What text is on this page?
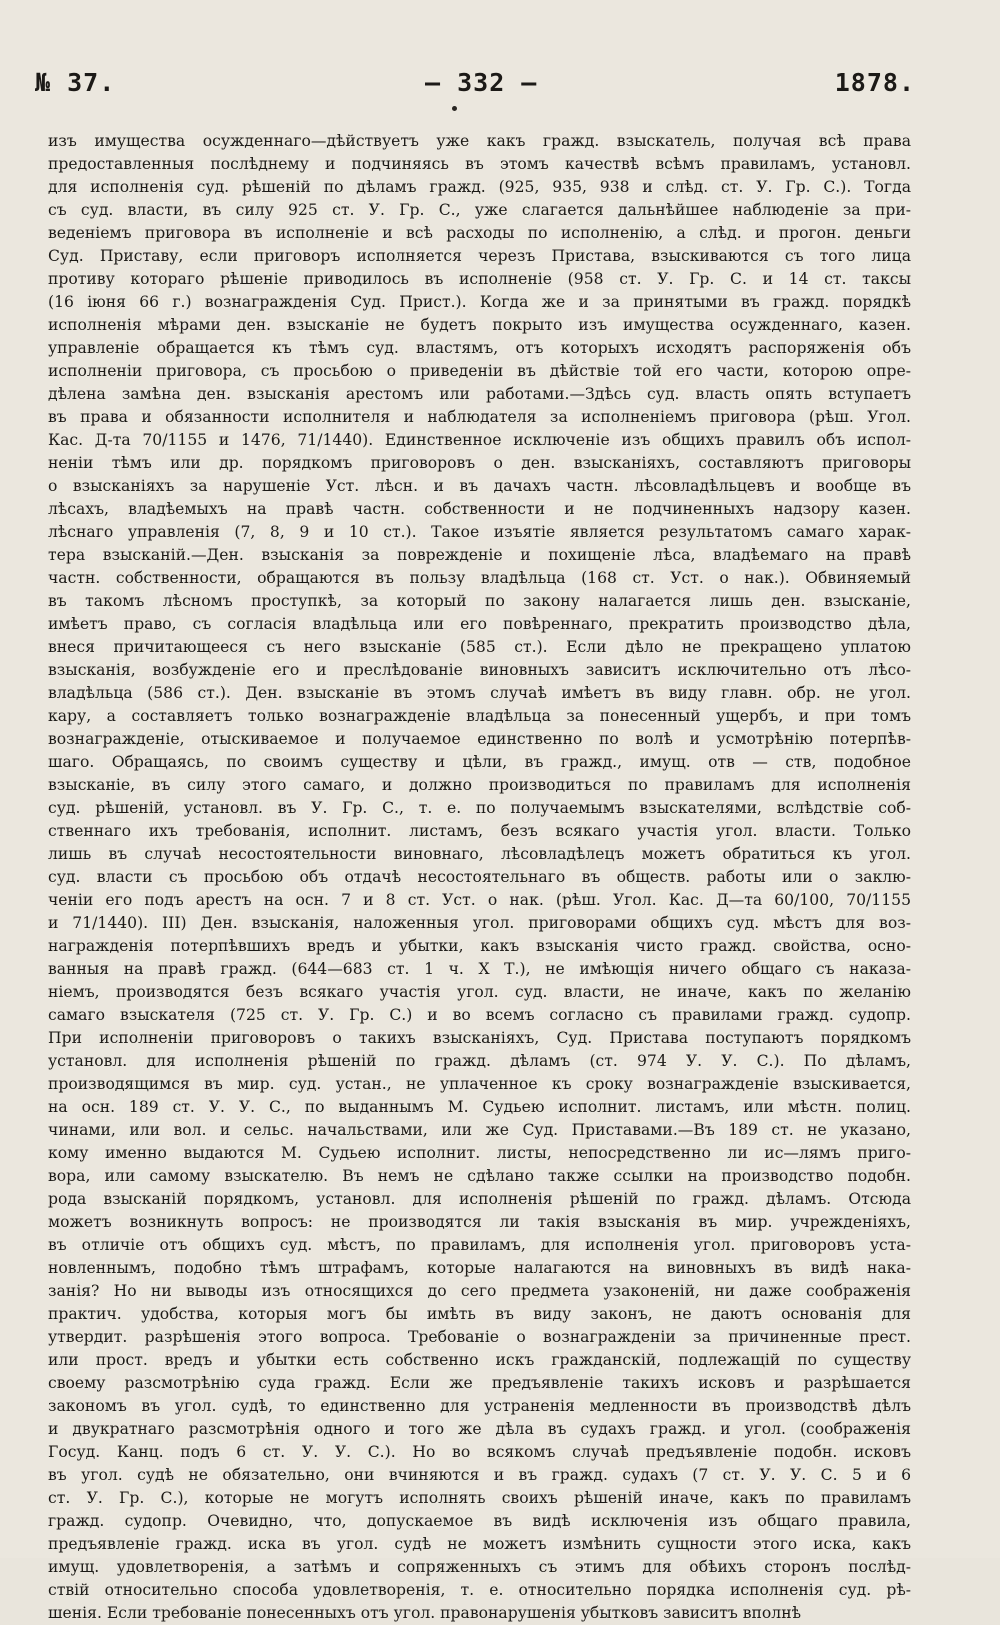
№ 37.	— 332 —	1878.
изъ имущества осужденнаго—дѣйствуетъ уже какъ гражд. взыскатель, получая всѣ права
предоставленныя послѣднему и подчиняясь въ этомъ качествѣ всѣмъ правиламъ, установл.
для исполненія суд. рѣшеній по дѣламъ гражд. (925, 935, 938 и слѣд. ст. У. Гр. С.). Тогда
съ суд. власти, въ силу 925 ст. У. Гр. С., уже слагается дальнѣйшее наблюденіе за при-
веденіемъ приговора въ исполненіе и всѣ расходы по исполненію, а слѣд. и прогон. деньги
Суд. Приставу, если приговоръ исполняется черезъ Пристава, взыскиваются съ того лица
противу котораго рѣшеніе приводилось въ исполненіе (958 ст. У. Гр. С. и 14 ст. таксы
(16 іюня 66 г.) вознагражденія Суд. Прист.). Когда же и за принятыми въ гражд. порядкѣ
исполненія мѣрами ден. взысканіе не будетъ покрыто изъ имущества осужденнаго, казен.
управленіе обращается къ тѣмъ суд. властямъ, отъ которыхъ исходятъ распоряженія объ
исполненіи приговора, съ просьбою о приведеніи въ дѣйствіе той его части, которою опре-
дѣлена замѣна ден. взысканія арестомъ или работами.—Здѣсь суд. власть опять вступаетъ
въ права и обязанности исполнителя и наблюдателя за исполненіемъ приговора (рѣш. Угол.
Кас. Д-та 70/1155 и 1476, 71/1440). Единственное исключеніе изъ общихъ правилъ объ испол-
неніи тѣмъ или др. порядкомъ приговоровъ о ден. взысканіяхъ, составляютъ приговоры
о взысканіяхъ за нарушеніе Уст. лѣсн. и въ дачахъ частн. лѣсовладѣльцевъ и вообще въ
лѣсахъ, владѣемыхъ на правѣ частн. собственности и не подчиненныхъ надзору казен.
лѣснаго управленія (7, 8, 9 и 10 ст.). Такое изъятіе является результатомъ самаго харак-
тера взысканій.—Ден. взысканія за поврежденіе и похищеніе лѣса, владѣемаго на правѣ
частн. собственности, обращаются въ пользу владѣльца (168 ст. Уст. о нак.). Обвиняемый
въ такомъ лѣсномъ проступкѣ, за который по закону налагается лишь ден. взысканіе,
имѣетъ право, съ согласія владѣльца или его повѣреннаго, прекратить производство дѣла,
внеся причитающееся съ него взысканіе (585 ст.). Если дѣло не прекращено уплатою
взысканія, возбужденіе его и преслѣдованіе виновныхъ зависитъ исключительно отъ лѣсо-
владѣльца (586 ст.). Ден. взысканіе въ этомъ случаѣ имѣетъ въ виду главн. обр. не угол.
кару, а составляетъ только вознагражденіе владѣльца за понесенный ущербъ, и при томъ
вознагражденіе, отыскиваемое и получаемое единственно по волѣ и усмотрѣнію потерпѣв-
шаго. Обращаясь, по своимъ существу и цѣли, въ гражд., имущ. отв — ств, подобное
взысканіе, въ силу этого самаго, и должно производиться по правиламъ для исполненія
суд. рѣшеній, установл. въ У. Гр. С., т. е. по получаемымъ взыскателями, вслѣдствіе соб-
ственнаго ихъ требованія, исполнит. листамъ, безъ всякаго участія угол. власти. Только
лишь въ случаѣ несостоятельности виновнаго, лѣсовладѣлецъ можетъ обратиться къ угол.
суд. власти съ просьбою объ отдачѣ несостоятельнаго въ обществ. работы или о заклю-
ченіи его подъ арестъ на осн. 7 и 8 ст. Уст. о нак. (рѣш. Угол. Кас. Д—та 60/100, 70/1155
и 71/1440). III) Ден. взысканія, наложенныя угол. приговорами общихъ суд. мѣстъ для воз-
награжденія потерпѣвшихъ вредъ и убытки, какъ взысканія чисто гражд. свойства, осно-
ванныя на правѣ гражд. (644—683 ст. 1 ч. X Т.), не имѣющія ничего общаго съ наказа-
ніемъ, производятся безъ всякаго участія угол. суд. власти, не иначе, какъ по желанію
самаго взыскателя (725 ст. У. Гр. С.) и во всемъ согласно съ правилами гражд. судопр.
При исполненіи приговоровъ о такихъ взысканіяхъ, Суд. Пристава поступаютъ порядкомъ
установл. для исполненія рѣшеній по гражд. дѣламъ (ст. 974 У. У. С.). По дѣламъ,
производящимся въ мир. суд. устан., не уплаченное къ сроку вознагражденіе взыскивается,
на осн. 189 ст. У. У. С., по выданнымъ М. Судьею исполнит. листамъ, или мѣстн. полиц.
чинами, или вол. и сельс. начальствами, или же Суд. Приставами.—Въ 189 ст. не указано,
кому именно выдаются М. Судьею исполнит. листы, непосредственно ли ис—лямъ приго-
вора, или самому взыскателю. Въ немъ не сдѣлано также ссылки на производство подобн.
рода взысканій порядкомъ, установл. для исполненія рѣшеній по гражд. дѣламъ. Отсюда
можетъ возникнуть вопросъ: не производятся ли такія взысканія въ мир. учрежденіяхъ,
въ отличіе отъ общихъ суд. мѣстъ, по правиламъ, для исполненія угол. приговоровъ уста-
новленнымъ, подобно тѣмъ штрафамъ, которые налагаются на виновныхъ въ видѣ нака-
занія? Но ни выводы изъ относящихся до сего предмета узаконеній, ни даже соображенія
практич. удобства, которыя могъ бы имѣть въ виду законъ, не даютъ основанія для
утвердит. разрѣшенія этого вопроса. Требованіе о вознагражденіи за причиненные прест.
или прост. вредъ и убытки есть собственно искъ гражданскій, подлежащій по существу
своему разсмотрѣнію суда гражд. Если же предъявленіе такихъ исковъ и разрѣшается
закономъ въ угол. судѣ, то единственно для устраненія медленности въ производствѣ дѣлъ
и двукратнаго разсмотрѣнія одного и того же дѣла въ судахъ гражд. и угол. (соображенія
Госуд. Канц. подъ 6 ст. У. У. С.). Но во всякомъ случаѣ предъявленіе подобн. исковъ
въ угол. судѣ не обязательно, они вчиняются и въ гражд. судахъ (7 ст. У. У. С. 5 и 6
ст. У. Гр. С.), которые не могутъ исполнять своихъ рѣшеній иначе, какъ по правиламъ
гражд. судопр. Очевидно, что, допускаемое въ видѣ исключенія изъ общаго правила,
предъявленіе гражд. иска въ угол. судѣ не можетъ измѣнить сущности этого иска, какъ
имущ. удовлетворенія, а затѣмъ и сопряженныхъ съ этимъ для обѣихъ сторонъ послѣд-
ствій относительно способа удовлетворенія, т. е. относительно порядка исполненія суд. рѣ-
шенія. Если требованіе понесенныхъ отъ угол. правонарушенія убытковъ зависитъ вполнѣ
